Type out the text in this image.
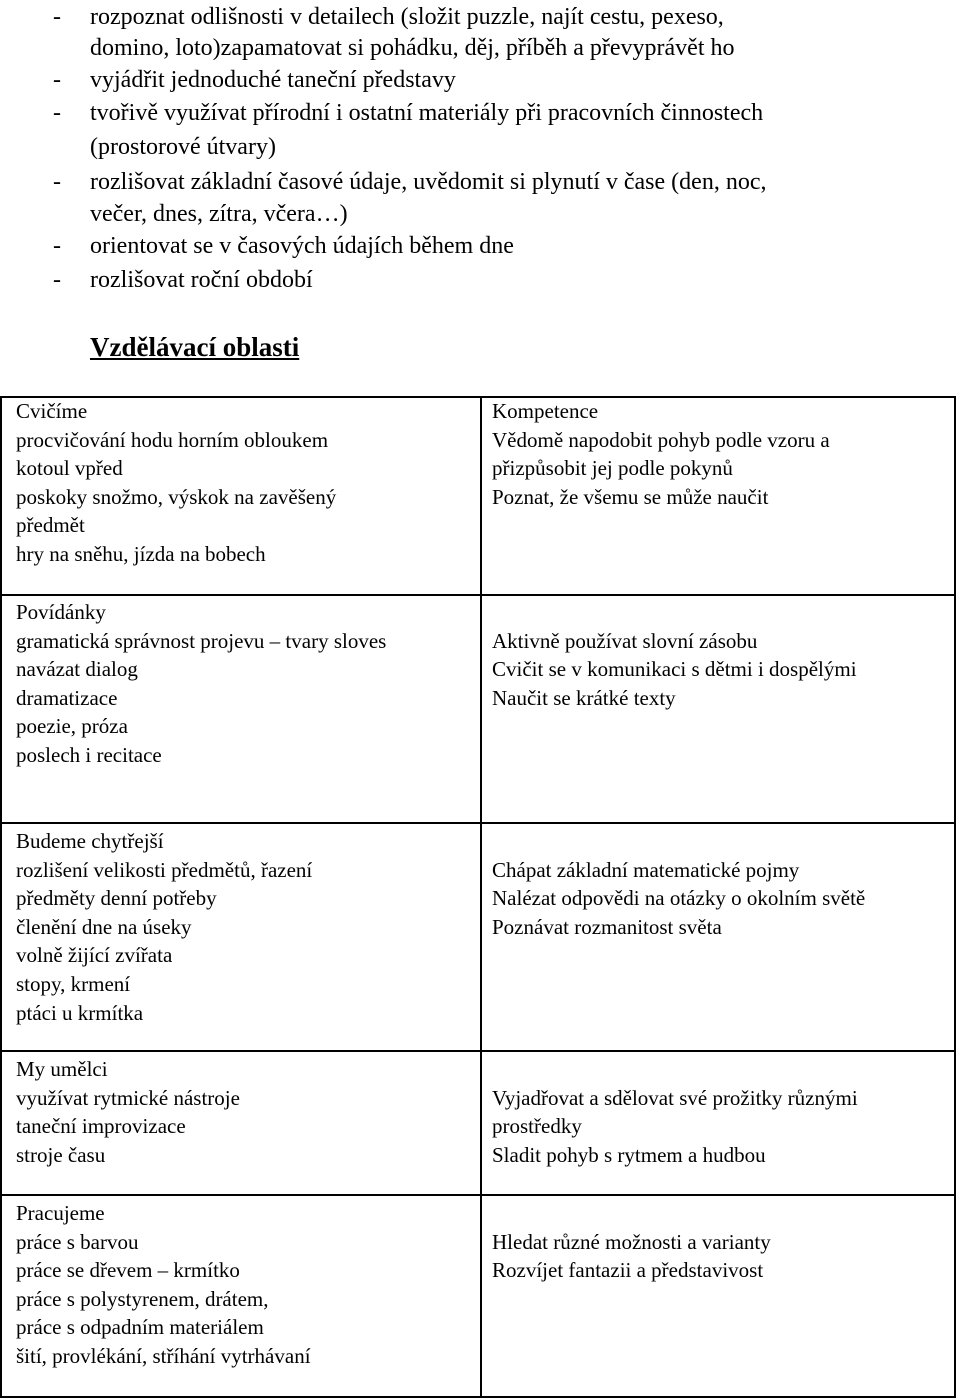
- rozpoznat odlišnosti v detailech (složit puzzle, najít cestu, pexeso,
domino, loto)zapamatovat si pohádku, děj, příběh a převyprávět ho
- vyjádřit jednoduché taneční představy
- tvořivě využívat přírodní i ostatní materiály při pracovních činnostech
(prostorové útvary)
- rozlišovat základní časové údaje, uvědomit si plynutí v čase (den, noc,
večer, dnes, zítra, včera…)
- orientovat se v časových údajích během dne
- rozlišovat roční období
Vzdělávací oblasti
Cvičíme
procvičování hodu horním obloukem
kotoul vpřed
poskoky snožmo, výskok na zavěšený
předmět
hry na sněhu, jízda na bobech
Kompetence
Vědomě napodobit pohyb podle vzoru a
přizpůsobit jej podle pokynů
Poznat, že všemu se může naučit
Povídánky
gramatická správnost projevu – tvary sloves
navázat dialog
dramatizace
poezie, próza
poslech i recitace
Aktivně používat slovní zásobu
Cvičit se v komunikaci s dětmi i dospělými
Naučit se krátké texty
Budeme chytřejší
rozlišení velikosti předmětů, řazení
předměty denní potřeby
členění dne na úseky
volně žijící zvířata
stopy, krmení
ptáci u krmítka
Chápat základní matematické pojmy
Nalézat odpovědi na otázky o okolním světě
Poznávat rozmanitost světa
My umělci
využívat rytmické nástroje
taneční improvizace
stroje času
Vyjadřovat a sdělovat své prožitky různými
prostředky
Sladit pohyb s rytmem a hudbou
Pracujeme
práce s barvou
práce se dřevem – krmítko
práce s polystyrenem, drátem,
práce s odpadním materiálem
šití, provlékání, stříhání vytrhávaní
Hledat různé možnosti a varianty
Rozvíjet fantazii a představivost
